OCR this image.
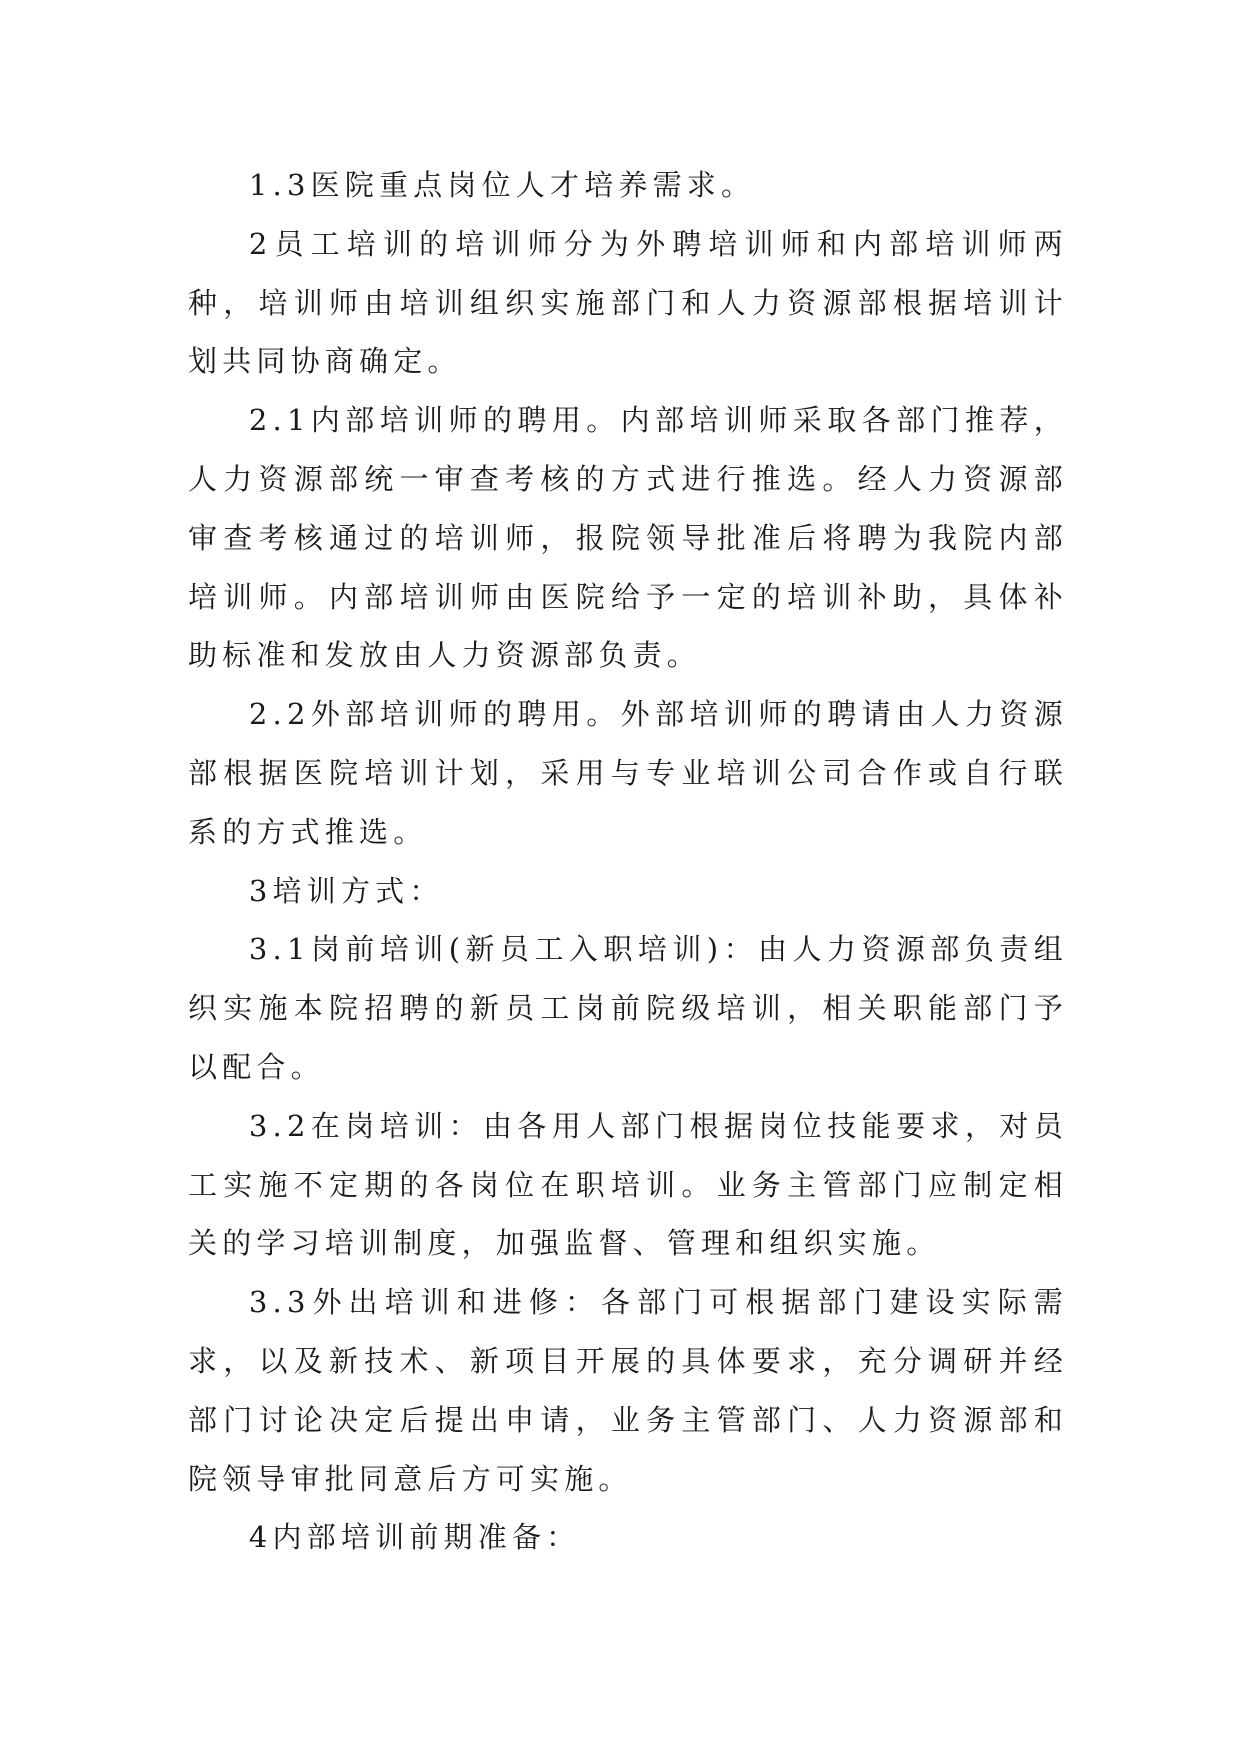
1.3医院重点岗位人才培养需求。

2员工培训的培训师分为外聘培训师和内部培训师两种，培训师由培训组织实施部门和人力资源部根据培训计划共同协商确定。

2.1内部培训师的聘用。内部培训师采取各部门推荐，人力资源部统一审查考核的方式进行推选。经人力资源部审查考核通过的培训师，报院领导批准后将聘为我院内部培训师。内部培训师由医院给予一定的培训补助，具体补助标准和发放由人力资源部负责。

2.2外部培训师的聘用。外部培训师的聘请由人力资源部根据医院培训计划，采用与专业培训公司合作或自行联系的方式推选。

3培训方式：

3.1岗前培训(新员工入职培训)：由人力资源部负责组织实施本院招聘的新员工岗前院级培训，相关职能部门予以配合。

3.2在岗培训：由各用人部门根据岗位技能要求，对员工实施不定期的各岗位在职培训。业务主管部门应制定相关的学习培训制度，加强监督、管理和组织实施。

3.3外出培训和进修：各部门可根据部门建设实际需求，以及新技术、新项目开展的具体要求，充分调研并经部门讨论决定后提出申请，业务主管部门、人力资源部和院领导审批同意后方可实施。

4内部培训前期准备：
